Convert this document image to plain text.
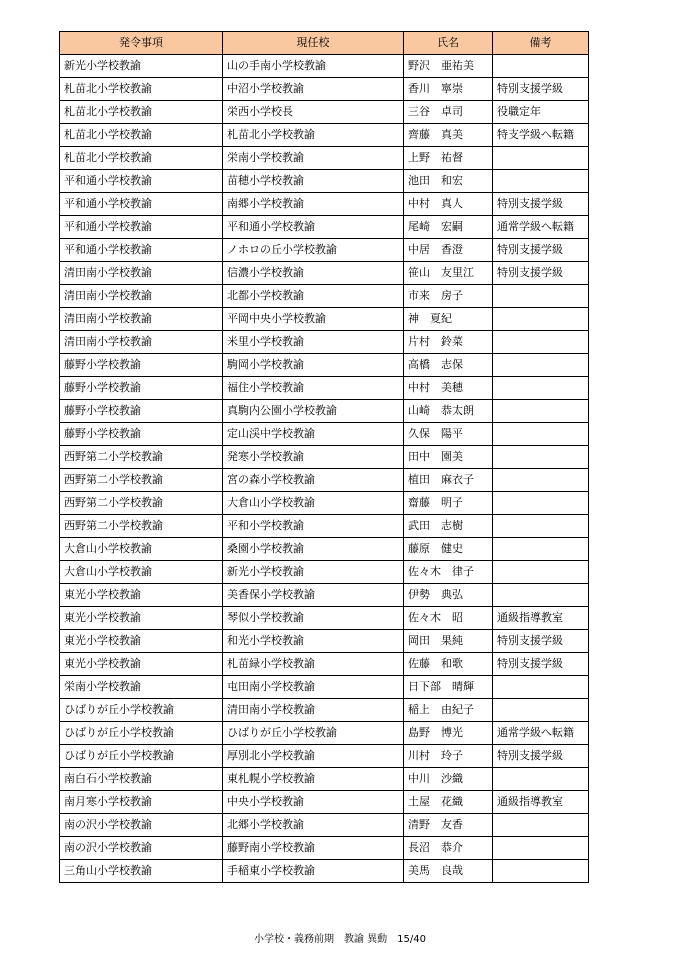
発令事項	現任校	氏名	備考
新光小学校教諭	山の手南小学校教諭	野沢　亜祐美	
札苗北小学校教諭	中沼小学校教諭	香川　寧崇	特別支援学級
札苗北小学校教諭	栄西小学校長	三谷　卓司	役職定年
札苗北小学校教諭	札苗北小学校教諭	齊藤　真美	特支学級へ転籍
札苗北小学校教諭	栄南小学校教諭	上野　祐督	
平和通小学校教諭	苗穂小学校教諭	池田　和宏	
平和通小学校教諭	南郷小学校教諭	中村　真人	特別支援学級
平和通小学校教諭	平和通小学校教諭	尾崎　宏嗣	通常学級へ転籍
平和通小学校教諭	ノホロの丘小学校教諭	中居　香澄	特別支援学級
清田南小学校教諭	信濃小学校教諭	笹山　友里江	特別支援学級
清田南小学校教諭	北都小学校教諭	市来　房子	
清田南小学校教諭	平岡中央小学校教諭	神　夏紀	
清田南小学校教諭	米里小学校教諭	片村　鈴菜	
藤野小学校教諭	駒岡小学校教諭	高橋　志保	
藤野小学校教諭	福住小学校教諭	中村　美穂	
藤野小学校教諭	真駒内公園小学校教諭	山崎　恭太朗	
藤野小学校教諭	定山渓中学校教諭	久保　陽平	
西野第二小学校教諭	発寒小学校教諭	田中　園美	
西野第二小学校教諭	宮の森小学校教諭	植田　麻衣子	
西野第二小学校教諭	大倉山小学校教諭	齋藤　明子	
西野第二小学校教諭	平和小学校教諭	武田　志樹	
大倉山小学校教諭	桑園小学校教諭	藤原　健史	
大倉山小学校教諭	新光小学校教諭	佐々木　律子	
東光小学校教諭	美香保小学校教諭	伊勢　典弘	
東光小学校教諭	琴似小学校教諭	佐々木　昭	通級指導教室
東光小学校教諭	和光小学校教諭	岡田　果純	特別支援学級
東光小学校教諭	札苗緑小学校教諭	佐藤　和歌	特別支援学級
栄南小学校教諭	屯田南小学校教諭	日下部　晴輝	
ひばりが丘小学校教諭	清田南小学校教諭	稲上　由紀子	
ひばりが丘小学校教諭	ひばりが丘小学校教諭	島野　博光	通常学級へ転籍
ひばりが丘小学校教諭	厚別北小学校教諭	川村　玲子	特別支援学級
南白石小学校教諭	東札幌小学校教諭	中川　沙織	
南月寒小学校教諭	中央小学校教諭	土屋　花織	通級指導教室
南の沢小学校教諭	北郷小学校教諭	清野　友香	
南の沢小学校教諭	藤野南小学校教諭	長沼　恭介	
三角山小学校教諭	手稲東小学校教諭	美馬　良哉	
小学校・義務前期　教諭 異動　15/40
